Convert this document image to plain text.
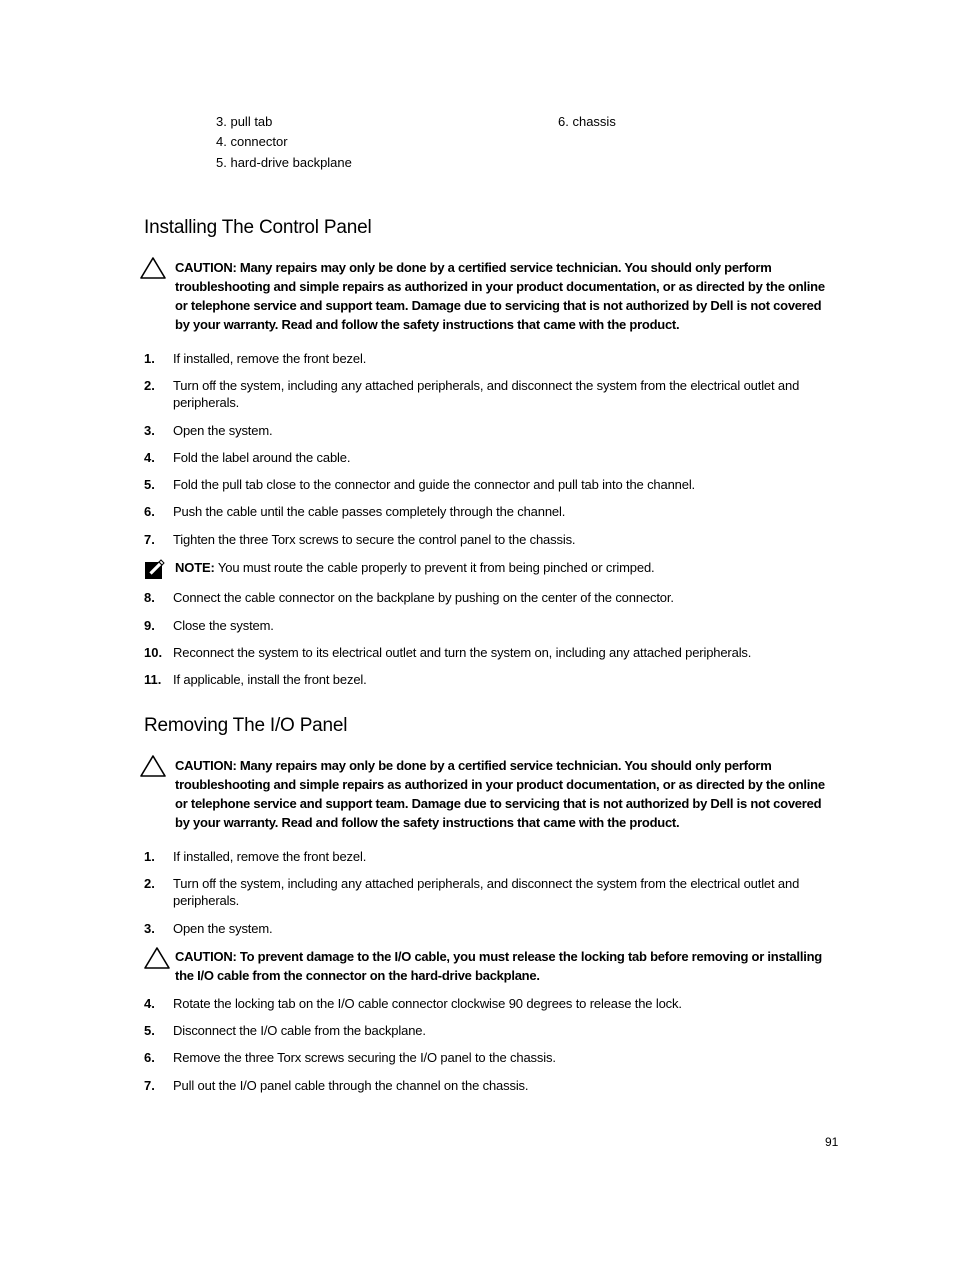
3. pull tab
4. connector
5. hard-drive backplane
6. chassis
Installing The Control Panel
CAUTION: Many repairs may only be done by a certified service technician. You should only perform troubleshooting and simple repairs as authorized in your product documentation, or as directed by the online or telephone service and support team. Damage due to servicing that is not authorized by Dell is not covered by your warranty. Read and follow the safety instructions that came with the product.
1. If installed, remove the front bezel.
2. Turn off the system, including any attached peripherals, and disconnect the system from the electrical outlet and peripherals.
3. Open the system.
4. Fold the label around the cable.
5. Fold the pull tab close to the connector and guide the connector and pull tab into the channel.
6. Push the cable until the cable passes completely through the channel.
7. Tighten the three Torx screws to secure the control panel to the chassis.
NOTE: You must route the cable properly to prevent it from being pinched or crimped.
8. Connect the cable connector on the backplane by pushing on the center of the connector.
9. Close the system.
10. Reconnect the system to its electrical outlet and turn the system on, including any attached peripherals.
11. If applicable, install the front bezel.
Removing The I/O Panel
CAUTION: Many repairs may only be done by a certified service technician. You should only perform troubleshooting and simple repairs as authorized in your product documentation, or as directed by the online or telephone service and support team. Damage due to servicing that is not authorized by Dell is not covered by your warranty. Read and follow the safety instructions that came with the product.
1. If installed, remove the front bezel.
2. Turn off the system, including any attached peripherals, and disconnect the system from the electrical outlet and peripherals.
3. Open the system.
CAUTION: To prevent damage to the I/O cable, you must release the locking tab before removing or installing the I/O cable from the connector on the hard-drive backplane.
4. Rotate the locking tab on the I/O cable connector clockwise 90 degrees to release the lock.
5. Disconnect the I/O cable from the backplane.
6. Remove the three Torx screws securing the I/O panel to the chassis.
7. Pull out the I/O panel cable through the channel on the chassis.
91
